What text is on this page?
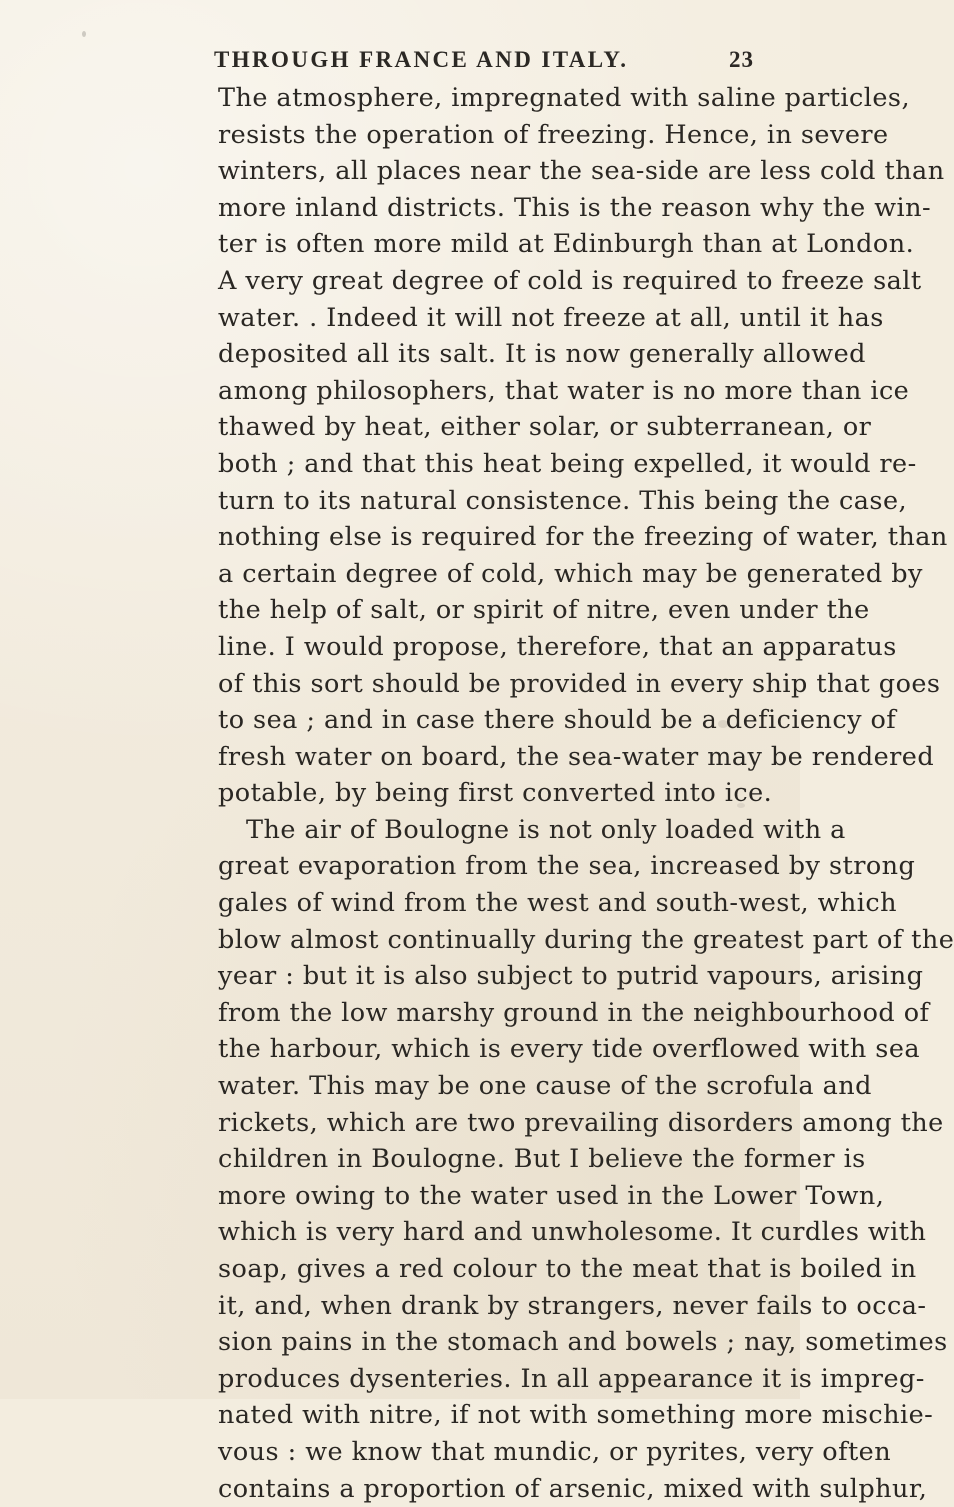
THROUGH FRANCE AND ITALY.	23
The atmosphere, impregnated with saline particles,
resists the operation of freezing. Hence, in severe
winters, all places near the sea-side are less cold than
more inland districts. This is the reason why the win-
ter is often more mild at Edinburgh than at London.
A very great degree of cold is required to freeze salt
water. . Indeed it will not freeze at all, until it has
deposited all its salt. It is now generally allowed
among philosophers, that water is no more than ice
thawed by heat, either solar, or subterranean, or
both ; and that this heat being expelled, it would re-
turn to its natural consistence. This being the case,
nothing else is required for the freezing of water, than
a certain degree of cold, which may be generated by
the help of salt, or spirit of nitre, even under the
line. I would propose, therefore, that an apparatus
of this sort should be provided in every ship that goes
to sea ; and in case there should be a deficiency of
fresh water on board, the sea-water may be rendered
potable, by being first converted into ice.
The air of Boulogne is not only loaded with a
great evaporation from the sea, increased by strong
gales of wind from the west and south-west, which
blow almost continually during the greatest part of the
year : but it is also subject to putrid vapours, arising
from the low marshy ground in the neighbourhood of
the harbour, which is every tide overflowed with sea
water. This may be one cause of the scrofula and
rickets, which are two prevailing disorders among the
children in Boulogne. But I believe the former is
more owing to the water used in the Lower Town,
which is very hard and unwholesome. It curdles with
soap, gives a red colour to the meat that is boiled in
it, and, when drank by strangers, never fails to occa-
sion pains in the stomach and bowels ; nay, sometimes
produces dysenteries. In all appearance it is impreg-
nated with nitre, if not with something more mischie-
vous : we know that mundic, or pyrites, very often
contains a proportion of arsenic, mixed with sulphur,
